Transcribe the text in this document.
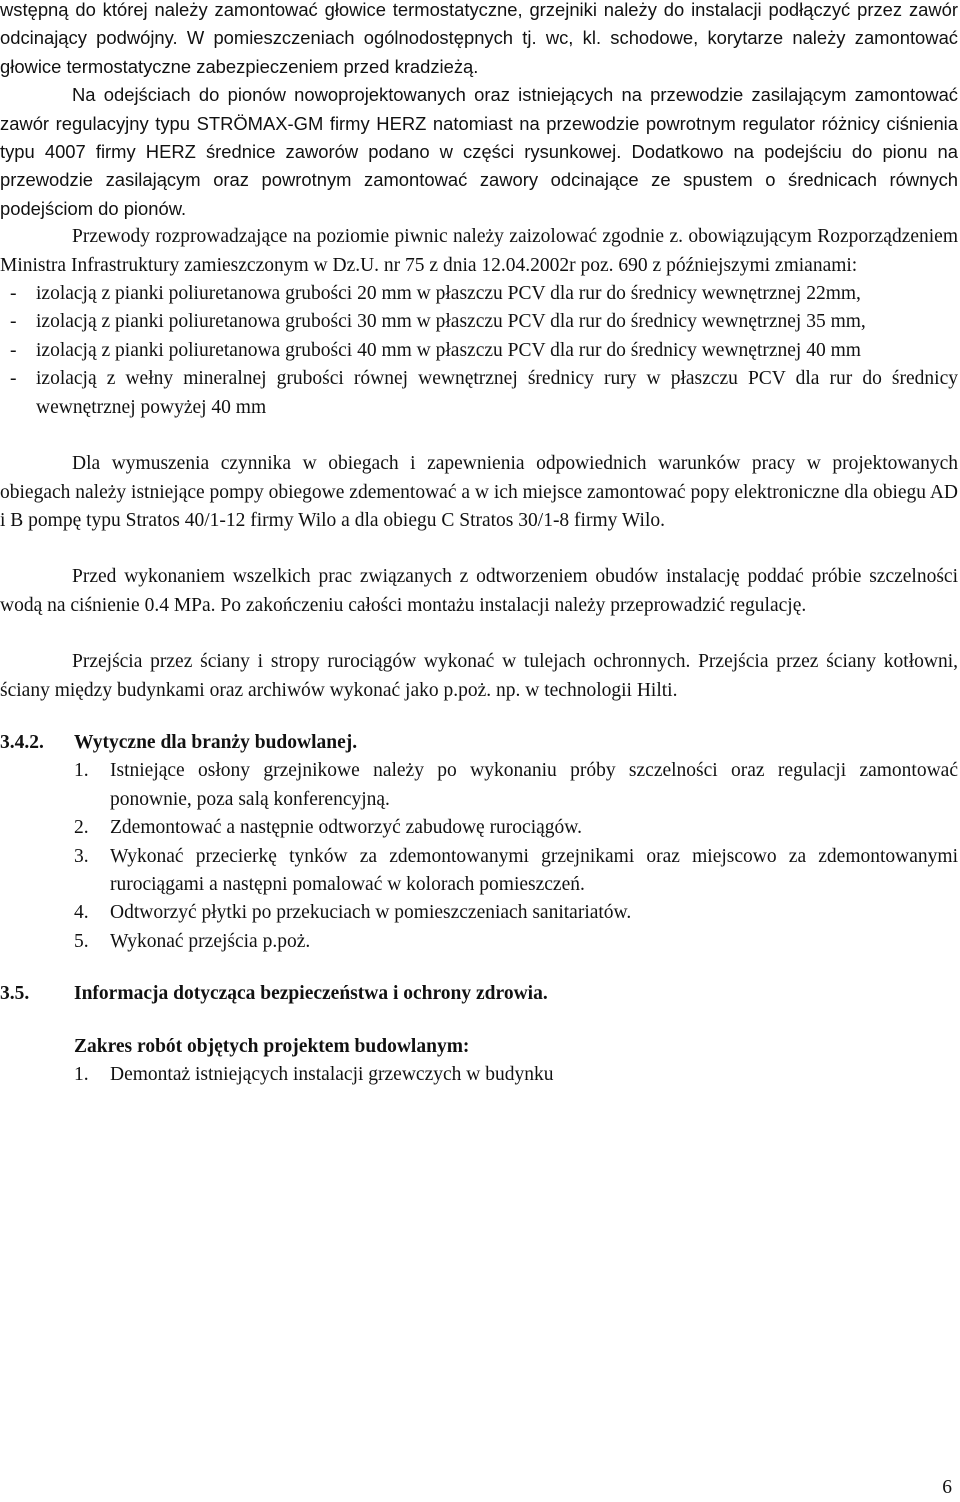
wstępną do której należy zamontować głowice termostatyczne, grzejniki należy do instalacji podłączyć przez zawór odcinający podwójny. W pomieszczeniach ogólnodostępnych tj. wc, kl. schodowe, korytarze należy zamontować głowice termostatyczne zabezpieczeniem przed kradzieżą.

Na odejściach do pionów nowoprojektowanych oraz istniejących na przewodzie zasilającym zamontować zawór regulacyjny typu STRÖMAX-GM firmy HERZ natomiast na przewodzie powrotnym regulator różnicy ciśnienia typu 4007 firmy HERZ średnice zaworów podano w części rysunkowej. Dodatkowo na podejściu do pionu na przewodzie zasilającym oraz powrotnym zamontować zawory odcinające ze spustem o średnicach równych podejściom do pionów.

Przewody rozprowadzające na poziomie piwnic należy zaizolować zgodnie z. obowiązującym Rozporządzeniem Ministra Infrastruktury zamieszczonym w Dz.U. nr 75 z dnia 12.04.2002r poz. 690 z późniejszymi zmianami:

- izolacją z pianki poliuretanowa grubości 20 mm w płaszczu PCV dla rur do średnicy wewnętrznej 22mm,
- izolacją z pianki poliuretanowa grubości 30 mm w płaszczu PCV dla rur do średnicy wewnętrznej 35 mm,
- izolacją z pianki poliuretanowa grubości 40 mm w płaszczu PCV dla rur do średnicy wewnętrznej 40 mm
- izolacją z wełny mineralnej grubości równej wewnętrznej średnicy rury w płaszczu PCV dla rur do średnicy wewnętrznej powyżej 40 mm

Dla wymuszenia czynnika w obiegach i zapewnienia odpowiednich warunków pracy w projektowanych obiegach należy istniejące pompy obiegowe zdementować a w ich miejsce zamontować popy elektroniczne dla obiegu AD i B pompę typu Stratos 40/1-12 firmy Wilo a dla obiegu C Stratos 30/1-8 firmy Wilo.

Przed wykonaniem wszelkich prac związanych z odtworzeniem obudów instalację poddać próbie szczelności wodą na ciśnienie 0.4 MPa. Po zakończeniu całości montażu instalacji należy przeprowadzić regulację.

Przejścia przez ściany i stropy rurociągów wykonać w tulejach ochronnych. Przejścia przez ściany kotłowni, ściany między budynkami oraz archiwów wykonać jako p.poż. np. w technologii Hilti.

3.4.2. Wytyczne dla branży budowlanej.
1. Istniejące osłony grzejnikowe należy po wykonaniu próby szczelności oraz regulacji zamontować ponownie, poza salą konferencyjną.
2. Zdemontować a następnie odtworzyć zabudowę rurociągów.
3. Wykonać przecierkę tynków za zdemontowanymi grzejnikami oraz miejscowo za zdemontowanymi rurociągami a następni pomalować w kolorach pomieszczeń.
4. Odtworzyć płytki po przekuciach w pomieszczeniach sanitariatów.
5. Wykonać przejścia p.poż.
3.5. Informacja dotycząca bezpieczeństwa i ochrony zdrowia.

Zakres robót objętych projektem budowlanym:

1. Demontaż istniejących instalacji grzewczych w budynku
6
